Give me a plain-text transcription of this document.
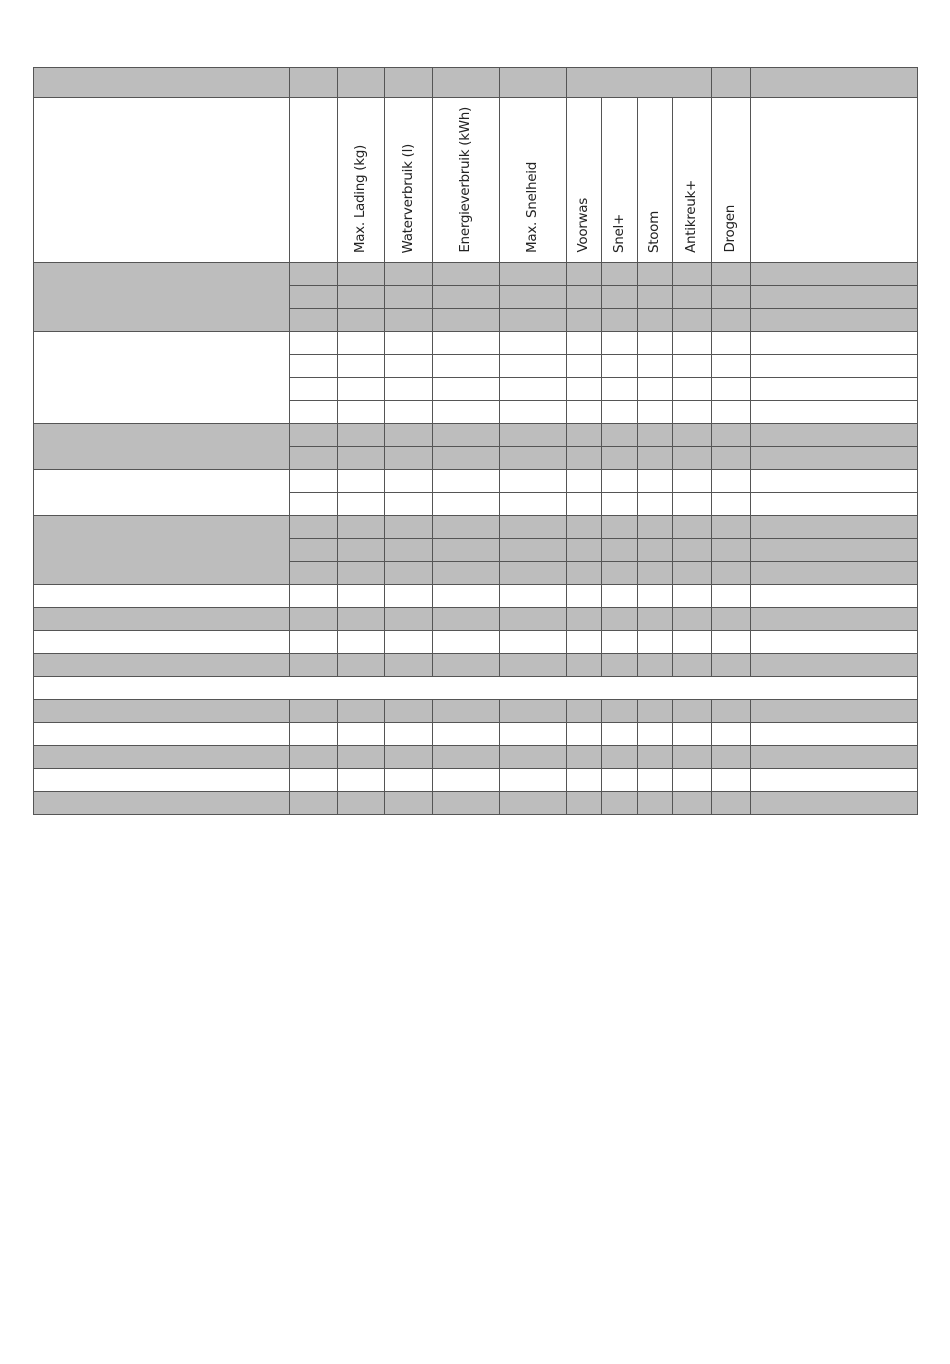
		Max. Lading (kg)	Waterverbruik (l)	Energieverbruik (kWh)	Max. Snelheid	Voorwas	Snel+	Stoom	Antikreuk+	Drogen	
